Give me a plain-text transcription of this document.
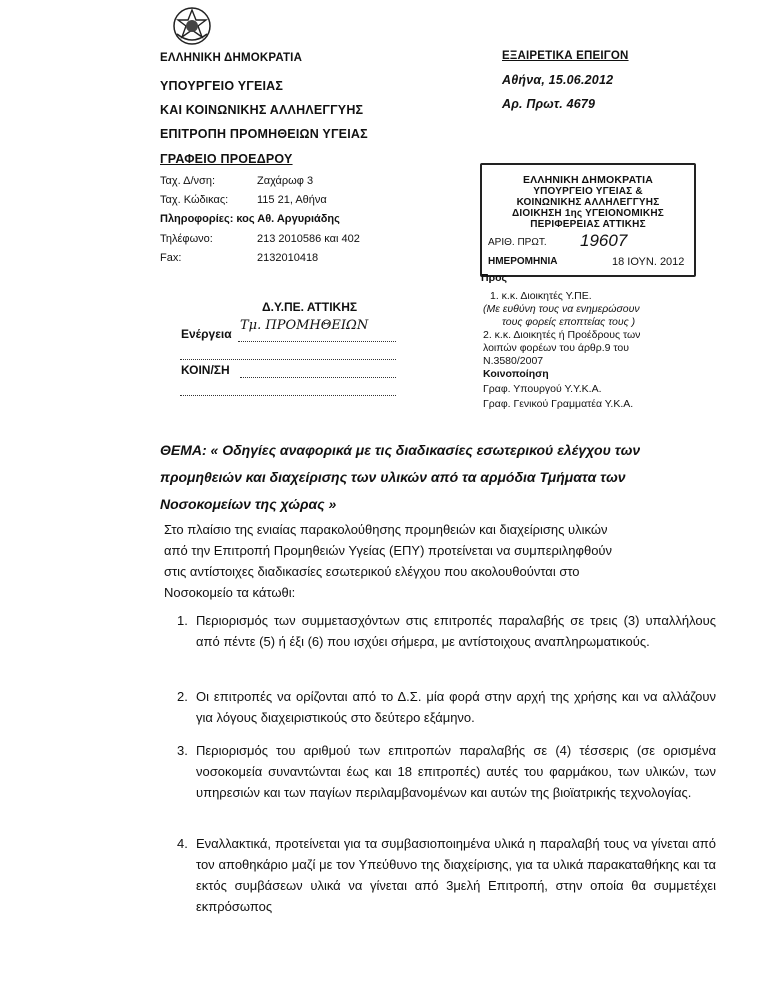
ΕΛΛΗΝΙΚΗ ΔΗΜΟΚΡΑΤΙΑ
ΥΠΟΥΡΓΕΙΟ ΥΓΕΙΑΣ
ΚΑΙ ΚΟΙΝΩΝΙΚΗΣ ΑΛΛΗΛΕΓΓΥΗΣ
ΕΠΙΤΡΟΠΗ ΠΡΟΜΗΘΕΙΩΝ ΥΓΕΙΑΣ
ΓΡΑΦΕΙΟ ΠΡΟΕΔΡΟΥ
Ταχ. Δ/νση:	Ζαχάρωφ 3
Ταχ. Κώδικας:	115 21, Αθήνα
Πληροφορίες: κος Αθ. Αργυριάδης
Τηλέφωνο:	213 2010586 και 402
Fax:	2132010418
ΕΞΑΙΡΕΤΙΚΑ ΕΠΕΙΓΟΝ
Αθήνα, 15.06.2012
Αρ. Πρωτ. 4679
ΕΛΛΗΝΙΚΗ ΔΗΜΟΚΡΑΤΙΑ
ΥΠΟΥΡΓΕΙΟ ΥΓΕΙΑΣ &
ΚΟΙΝΩΝΙΚΗΣ ΑΛΛΗΛΕΓΓΥΗΣ
ΔΙΟΙΚΗΣΗ 1ης ΥΓΕΙΟΝΟΜΙΚΗΣ
ΠΕΡΙΦΕΡΕΙΑΣ ΑΤΤΙΚΗΣ
ΑΡΙΘ. ΠΡΩΤ. 19607
ΗΜΕΡΟΜΗΝΙΑ	18 ΙΟΥΝ. 2012
Προς
1. κ.κ. Διοικητές Υ.ΠΕ.
(Με ευθύνη τους να ενημερώσουν
τους φορείς εποπτείας τους )
2. κ.κ. Διοικητές ή Προέδρους των
λοιπών φορέων του άρθρ.9 του
Ν.3580/2007
Κοινοποίηση
Γραφ. Υπουργού Υ.Υ.Κ.Α.
Γραφ. Γενικού Γραμματέα Υ.Κ.Α.
Δ.Υ.ΠΕ. ΑΤΤΙΚΗΣ
Ενέργεια
Τμ. ΠΡΟΜΗΘΕΙΩΝ
ΚΟΙΝ/ΣΗ
ΘΕΜΑ: « Οδηγίες αναφορικά με τις διαδικασίες εσωτερικού ελέγχου των
προμηθειών και διαχείρισης των υλικών από τα αρμόδια Τμήματα των
Νοσοκομείων της χώρας »
Στο πλαίσιο της ενιαίας παρακολούθησης προμηθειών και διαχείρισης υλικών
από την Επιτροπή Προμηθειών Υγείας (ΕΠΥ) προτείνεται να συμπεριληφθούν
στις αντίστοιχες διαδικασίες εσωτερικού ελέγχου που ακολουθούνται στο
Νοσοκομείο τα κάτωθι:
1. Περιορισμός των συμμετασχόντων στις επιτροπές παραλαβής σε τρεις (3) υπαλλήλους από πέντε (5) ή έξι (6) που ισχύει σήμερα, με αντίστοιχους αναπληρωματικούς.
2. Οι επιτροπές να ορίζονται από το Δ.Σ. μία φορά στην αρχή της χρήσης και να αλλάζουν για λόγους διαχειριστικούς στο δεύτερο εξάμηνο.
3. Περιορισμός του αριθμού των επιτροπών παραλαβής σε (4) τέσσερις (σε ορισμένα νοσοκομεία συναντώνται έως και 18 επιτροπές) αυτές του φαρμάκου, των υλικών, των υπηρεσιών και των παγίων περιλαμβανομένων και αυτών της βιοϊατρικής τεχνολογίας.
4. Εναλλακτικά, προτείνεται για τα συμβασιοποιημένα υλικά η παραλαβή τους να γίνεται από τον αποθηκάριο μαζί με τον Υπεύθυνο της διαχείρισης, για τα υλικά παρακαταθήκης και τα εκτός συμβάσεων υλικά να γίνεται από 3μελή Επιτροπή, στην οποία θα συμμετέχει εκπρόσωπος
